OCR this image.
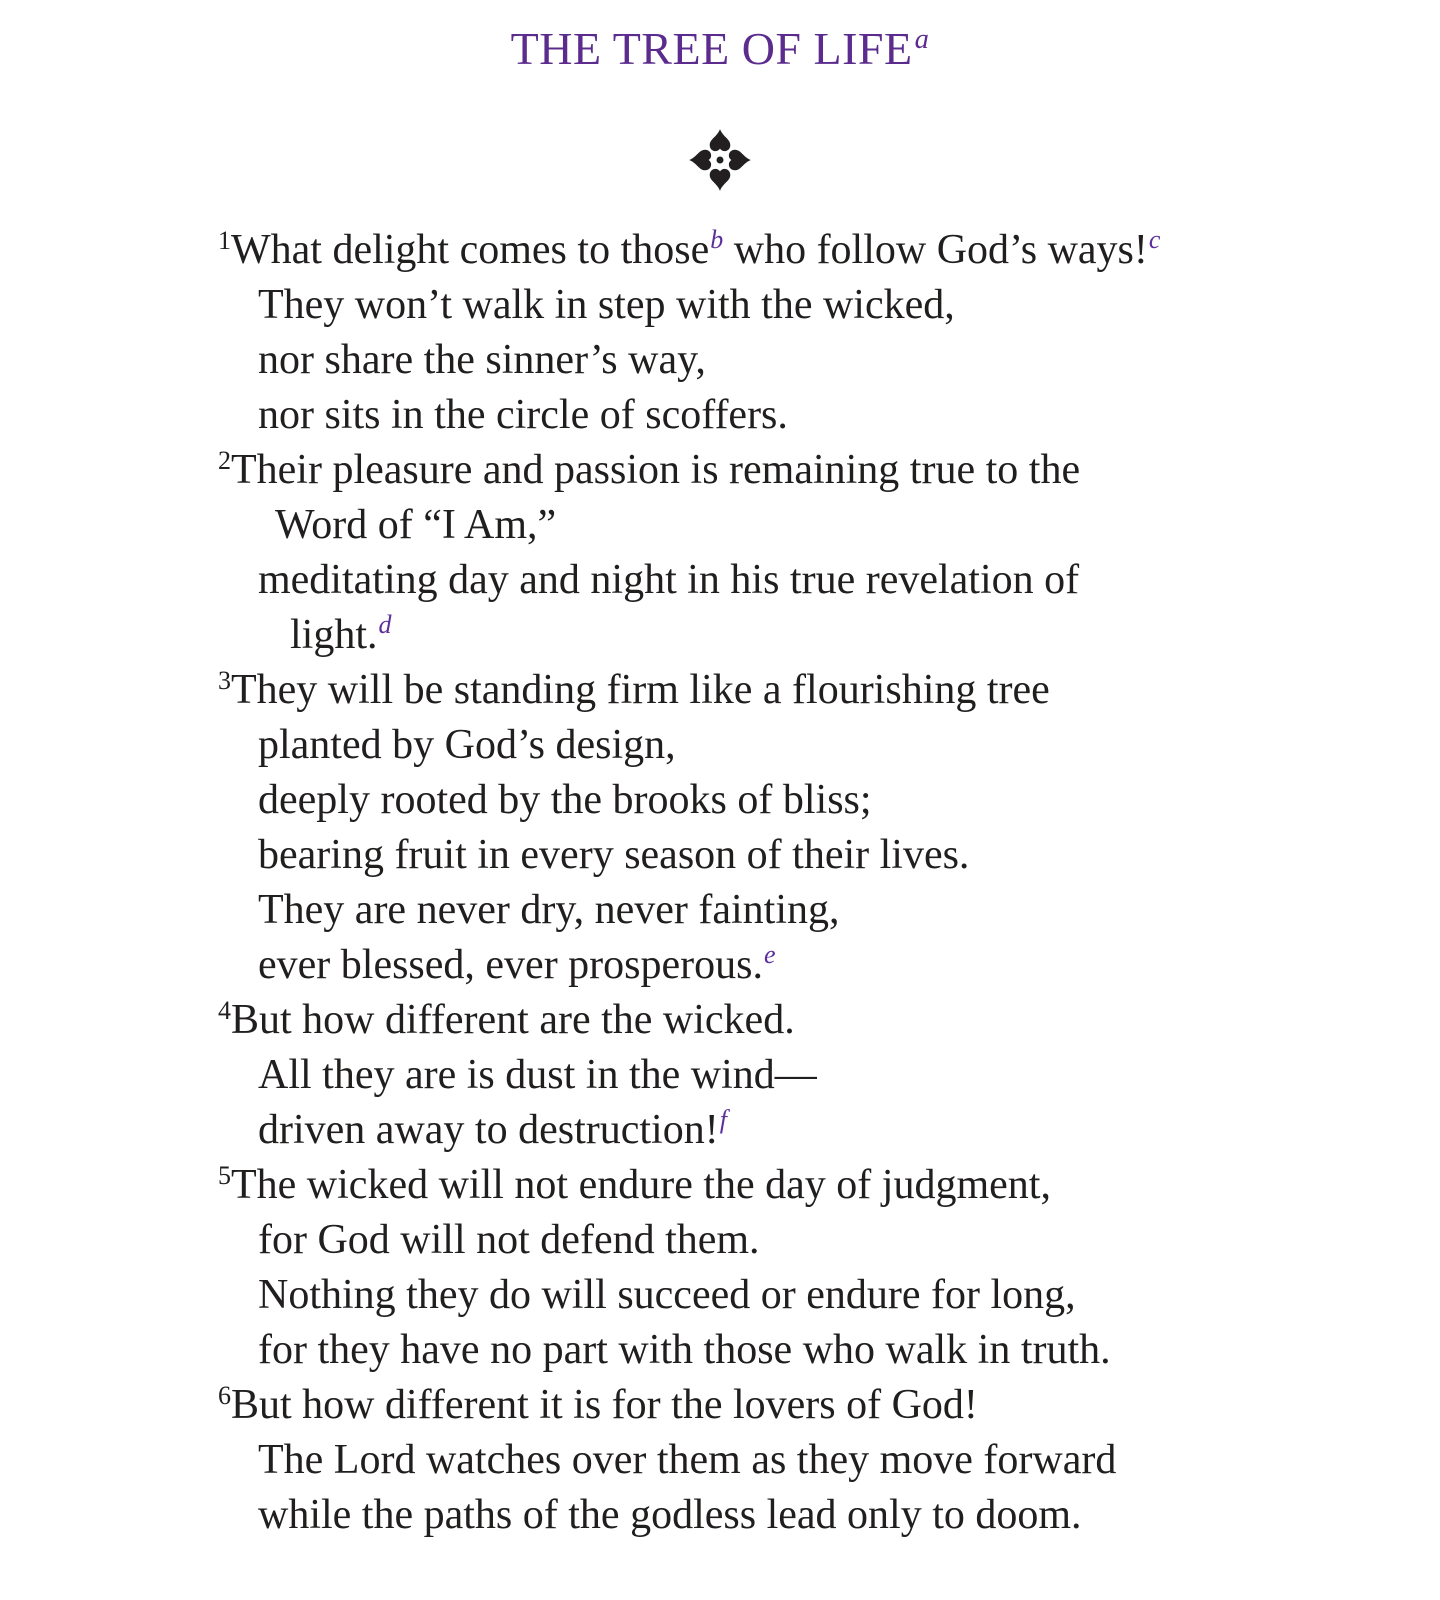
THE TREE OF LIFE$^a$
$^1$What delight comes to those$^b$ who follow God’s ways!$^c$
They won’t walk in step with the wicked,
nor share the sinner’s way,
nor sits in the circle of scoffers.
$^2$Their pleasure and passion is remaining true to the
Word of “I Am,”
meditating day and night in his true revelation of
light.$^d$
$^3$They will be standing firm like a flourishing tree
planted by God’s design,
deeply rooted by the brooks of bliss;
bearing fruit in every season of their lives.
They are never dry, never fainting,
ever blessed, ever prosperous.$^e$
$^4$But how different are the wicked.
All they are is dust in the wind—
driven away to destruction!$^f$
$^5$The wicked will not endure the day of judgment,
for God will not defend them.
Nothing they do will succeed or endure for long,
for they have no part with those who walk in truth.
$^6$But how different it is for the lovers of God!
The Lord watches over them as they move forward
while the paths of the godless lead only to doom.
